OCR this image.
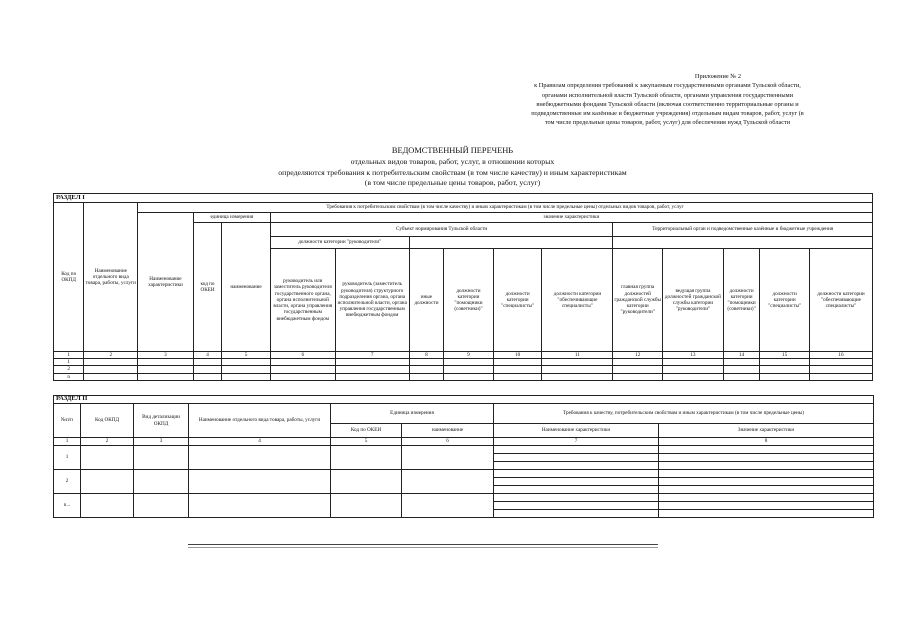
Приложение № 2
к Правилам определения требований к закупаемым государственными органами Тульской области,
органами исполнительной власти Тульской области, органами управления государственными
внебюджетными фондами Тульской области (включая соответственно территориальные органы и
подведомственные им казённые и бюджетные учреждения) отдельным видам товаров, работ, услуг (в
том числе предельные цены товаров, работ, услуг) для обеспечения нужд Тульской области
ВЕДОМСТВЕННЫЙ ПЕРЕЧЕНЬ
отдельных видов товаров, работ, услуг, в отношении которых
определяются требования к потребительским свойствам (в том числе качеству) и иным характеристикам
(в том числе предельные цены товаров, работ, услуг)
РАЗДЕЛ I															
Код по ОКПД	Наименование отдельного вида товара, работы, услуги	Требования к потребительским свойствам (в том числе качеству) и иным характеристикам (в том числе предельные цены) отдельных видов товаров, работ, услуг													
		Наименование характеристики	единица измерения		значение характеристики										
			код по ОКЕИ	наименование	Субъект нормирования Тульской области						Территориальный орган и подведомственные казённые и бюджетные учреждения				
					должности категории "руководители"										
					руководитель или заместитель руководителя государственного органа, органа исполнительной власти, органа управления государственным внебюджетным фондом	руководитель (заместитель руководителя) структурного подразделения органа, органа исполнительной власти, органа управления государственным внебюджетным фондом	иные должности	должности категории "помощники (советники)"	должности категории "специалисты"	должности категории "обеспечивающие специалисты"	главная группа должностей гражданской службы категории "руководители"	ведущая группа должностей гражданской службы категории "руководители"	должности категории "помощники (советники)"	должности категории "специалисты"	должности категории "обеспечивающие специалисты"

1	2	3	4	5	6	7	8	9	10	11	12	13	14	15	16
1															
2															
n															
РАЗДЕЛ II							
№п/п	Код ОКПД	Вид детализации ОКПД	Наименование отдельного вида товара, работы, услуги	Единица измерения		Требования к качеству, потребительским свойствам и иным характеристикам (в том числе предельные цены)	
				Код по ОКЕИ	наименование	Наименование характеристики	Значение характеристики
1	2	3	4	5	6	7	8
1							

2							

n...							
